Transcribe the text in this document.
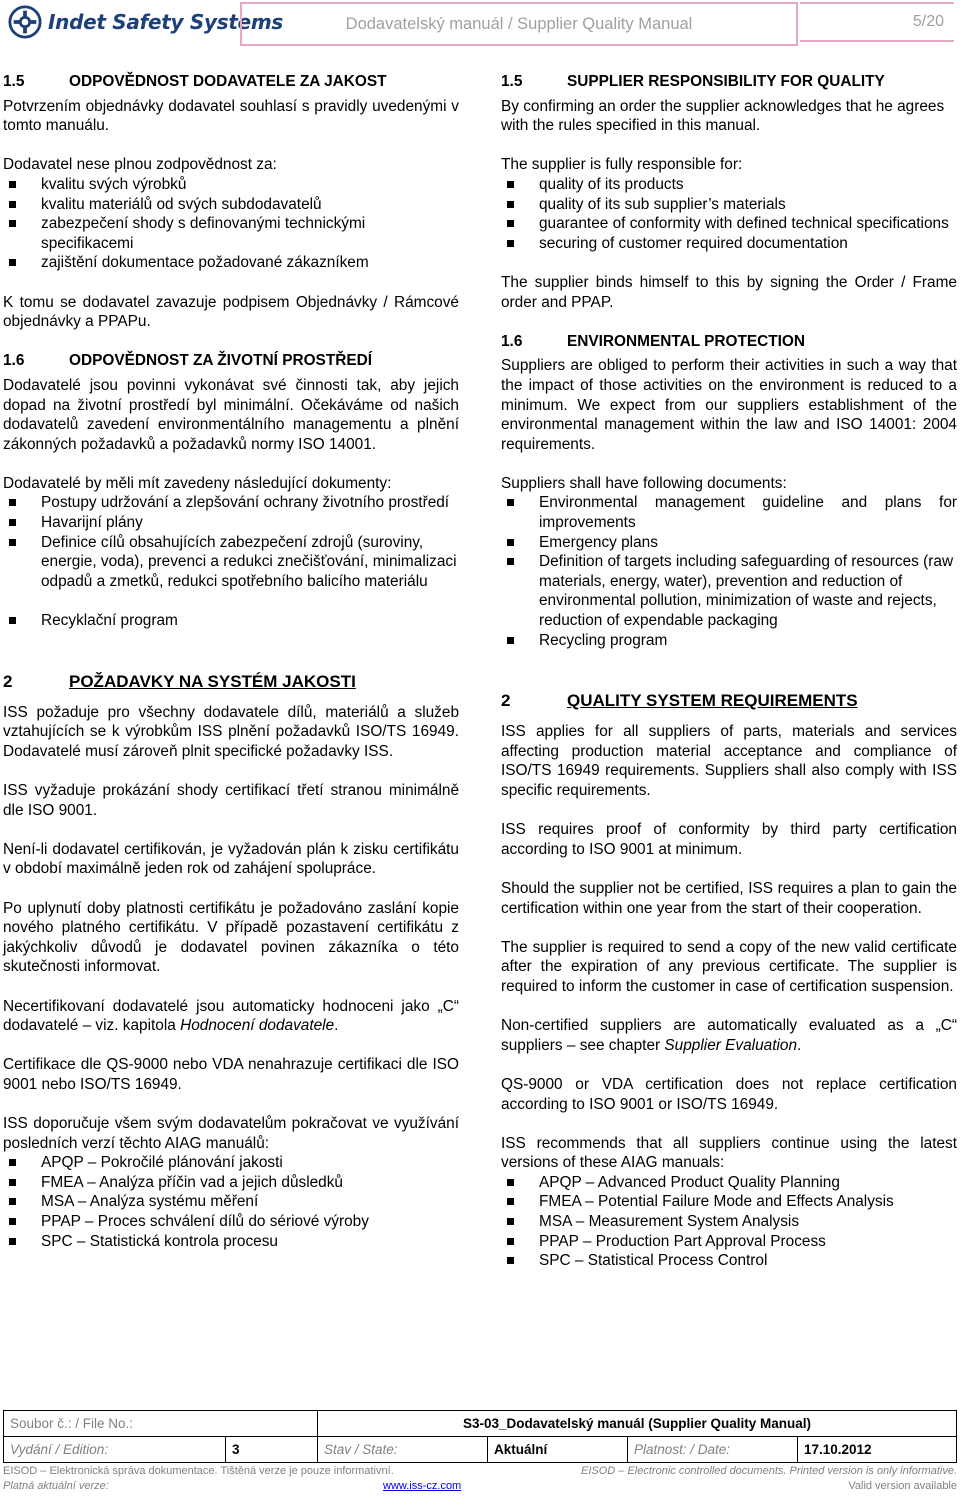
Indet Safety Systems	Dodavatelský manuál / Supplier Quality Manual	5/20
1.5	ODPOVĚDNOST DODAVATELE ZA JAKOST

Potvrzením objednávky dodavatel souhlasí s pravidly uvedenými v tomto manuálu.

Dodavatel nese plnou zodpovědnost za:

kvalitu svých výrobků
kvalitu materiálů od svých subdodavatelů
zabezpečení shody s definovanými technickými specifikacemi
zajištění dokumentace požadované zákazníkem

K tomu se dodavatel zavazuje podpisem Objednávky / Rámcové objednávky a PPAPu.

1.6	ODPOVĚDNOST ZA ŽIVOTNÍ PROSTŘEDÍ

Dodavatelé jsou povinni vykonávat své činnosti tak, aby jejich dopad na životní prostředí byl minimální. Očekáváme od našich dodavatelů zavedení environmentálního managementu a plnění zákonných požadavků a požadavků normy ISO 14001.

Dodavatelé by měli mít zavedeny následující dokumenty:

Postupy udržování a zlepšování ochrany životního prostředí
Havarijní plány
Definice cílů obsahujících zabezpečení zdrojů (suroviny, energie, voda), prevenci a redukci znečišťování, minimalizaci odpadů a zmetků, redukci spotřebního balicího materiálu
Recyklační program
2	POŽADAVKY NA SYSTÉM JAKOSTI

ISS požaduje pro všechny dodavatele dílů, materiálů a služeb vztahujících se k výrobkům ISS plnění požadavků ISO/TS 16949. Dodavatelé musí zároveň plnit specifické požadavky ISS.

ISS vyžaduje prokázání shody certifikací třetí stranou minimálně dle ISO 9001.

Není-li dodavatel certifikován, je vyžadován plán k zisku certifikátu v období maximálně jeden rok od zahájení spolupráce.

Po uplynutí doby platnosti certifikátu je požadováno zaslání kopie nového platného certifikátu. V případě pozastavení certifikátu z jakýchkoliv důvodů je dodavatel povinen zákazníka o této skutečnosti informovat.

Necertifikovaní dodavatelé jsou automaticky hodnoceni jako „C“ dodavatelé – viz. kapitola Hodnocení dodavatele.

Certifikace dle QS-9000 nebo VDA nenahrazuje certifikaci dle ISO 9001 nebo ISO/TS 16949.

ISS doporučuje všem svým dodavatelům pokračovat ve využívání posledních verzí těchto AIAG manuálů:

APQP – Pokročilé plánování jakosti
FMEA – Analýza příčin vad a jejich důsledků
MSA – Analýza systému měření
PPAP – Proces schválení dílů do sériové výroby
SPC – Statistická kontrola procesu
1.5	SUPPLIER RESPONSIBILITY FOR QUALITY

By confirming an order the supplier acknowledges that he agrees with the rules specified in this manual.

The supplier is fully responsible for:

quality of its products
quality of its sub supplier’s materials
guarantee of conformity with defined technical specifications
securing of customer required documentation

The supplier binds himself to this by signing the Order / Frame order and PPAP.

1.6	ENVIRONMENTAL PROTECTION

Suppliers are obliged to perform their activities in such a way that the impact of those activities on the environment is reduced to a minimum. We expect from our suppliers establishment of the environmental management within the law and ISO 14001: 2004 requirements.

Suppliers shall have following documents:

Environmental management guideline and plans for improvements
Emergency plans
Definition of targets including safeguarding of resources (raw materials, energy, water), prevention and reduction of environmental pollution, minimization of waste and rejects, reduction of expendable packaging
Recycling program
2	QUALITY SYSTEM REQUIREMENTS

ISS applies for all suppliers of parts, materials and services affecting production material acceptance and compliance of ISO/TS 16949 requirements. Suppliers shall also comply with ISS specific requirements.

ISS requires proof of conformity by third party certification according to ISO 9001 at minimum.

Should the supplier not be certified, ISS requires a plan to gain the certification within one year from the start of their cooperation.

The supplier is required to send a copy of the new valid certificate after the expiration of any previous certificate. The supplier is required to inform the customer in case of certification suspension.

Non-certified suppliers are automatically evaluated as a „C“ suppliers – see chapter Supplier Evaluation.

QS-9000 or VDA certification does not replace certification according to ISO 9001 or ISO/TS 16949.

ISS recommends that all suppliers continue using the latest versions of these AIAG manuals:

APQP – Advanced Product Quality Planning
FMEA – Potential Failure Mode and Effects Analysis
MSA – Measurement System Analysis
PPAP – Production Part Approval Process
SPC – Statistical Process Control
Soubor č.: / File No.:		S3-03_Dodavatelský manuál (Supplier Quality Manual)			
Vydání / Edition:	3	Stav / State:	Aktuální	Platnost: / Date:	17.10.2012
EISOD – Elektronická správa dokumentace. Tištěná verze je pouze informativní.	EISOD – Electronic controlled documents. Printed version is only informative.
Platná aktuální verze:	www.iss-cz.com	Valid version available
